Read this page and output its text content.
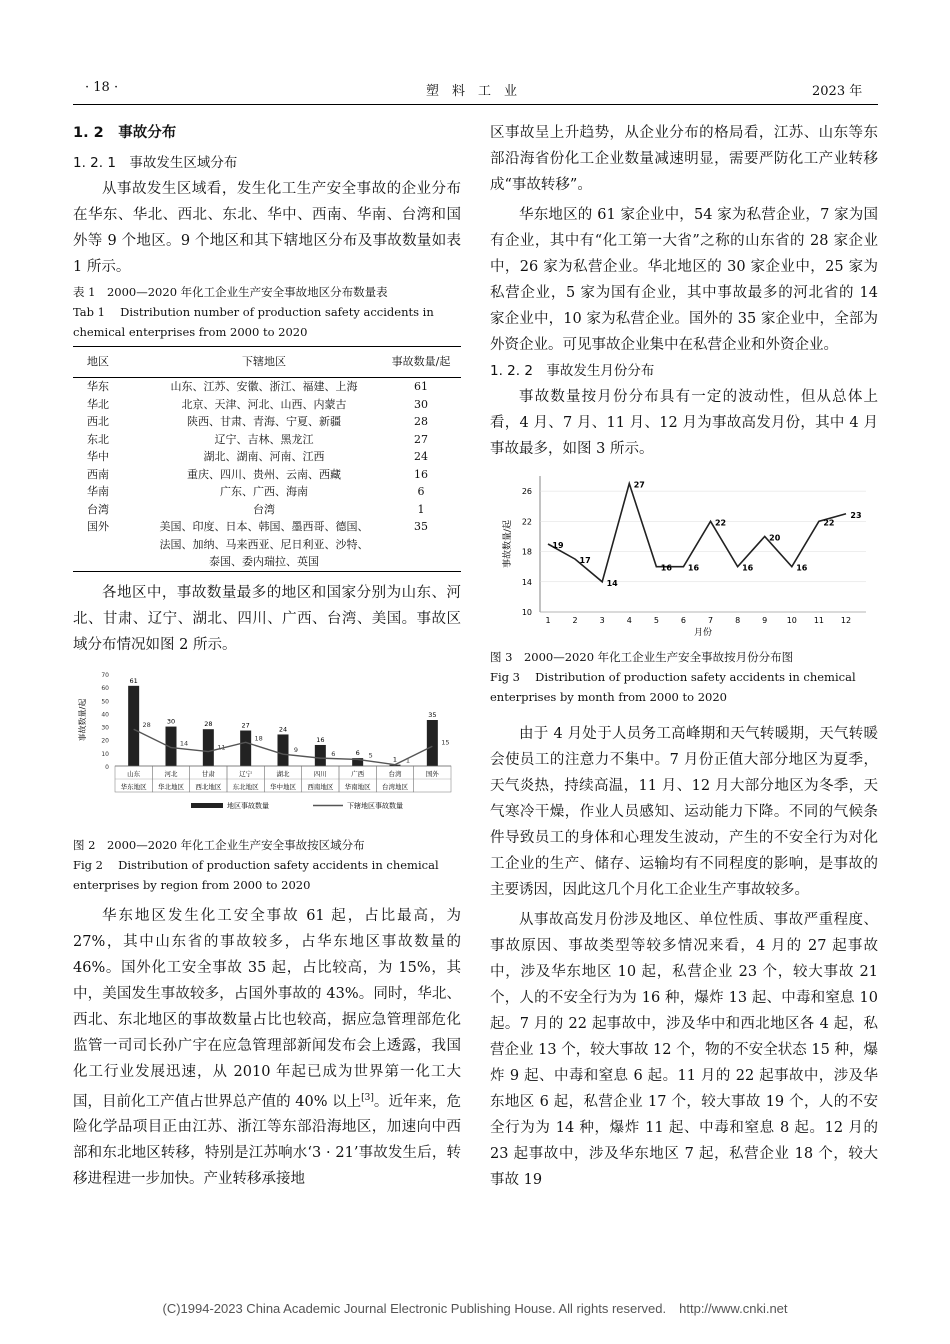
· 18 ·	塑　料　工　业	2023 年

1. 2　事故分布

1. 2. 1　事故发生区域分布

从事故发生区域看，发生化工生产安全事故的企业分布在华东、华北、西北、东北、华中、西南、华南、台湾和国外等 9 个地区。9 个地区和其下辖地区分布及事故数量如表 1 所示。

表 1　2000—2020 年化工企业生产安全事故地区分布数量表

Tab 1　 Distribution number of production safety accidents in

chemical enterprises from 2000 to 2020

地区	下辖地区	事故数量/起
华东	山东、江苏、安徽、浙江、福建、上海	61
华北	北京、天津、河北、山西、内蒙古	30
西北	陕西、甘肃、青海、宁夏、新疆	28
东北	辽宁、吉林、黑龙江	27
华中	湖北、湖南、河南、江西	24
西南	重庆、四川、贵州、云南、西藏	16
华南	广东、广西、海南	6
台湾	台湾	1
国外	美国、印度、日本、韩国、墨西哥、德国、
法国、加纳、马来西亚、尼日利亚、沙特、
泰国、委内瑞拉、英国	35

各地区中，事故数量最多的地区和国家分别为山东、河北、甘肃、辽宁、湖北、四川、广西、台湾、美国。事故区域分布情况如图 2 所示。

事故数量/起
0
10
20
30
40
50
60
70
61
28
山东
华东地区
30
14
河北
华北地区
28
11
甘肃
西北地区
27
18
辽宁
东北地区
24
9
湖北
华中地区
16
6
四川
西南地区
6 5
广西
华南地区
1 1
台湾
台湾地区
35
15
国外
地区事故数量	下辖地区事故数量

图 2　2000—2020 年化工企业生产安全事故按区域分布

Fig 2　 Distribution of production safety accidents in chemical

enterprises by region from 2000 to 2020

华东地区发生化工安全事故 61 起，占比最高，为 27%，其中山东省的事故较多，占华东地区事故数量的 46%。国外化工安全事故 35 起，占比较高，为 15%，其中，美国发生事故较多，占国外事故的 43%。同时，华北、西北、东北地区的事故数量占比也较高，据应急管理部危化监管一司司长孙广宇在应急管理部新闻发布会上透露，我国化工行业发展迅速，从 2010 年起已成为世界第一化工大国，目前化工产值占世界总产值的 40% 以上[3]。近年来，危险化学品项目正由江苏、浙江等东部沿海地区，加速向中西部和东北地区转移，特别是江苏响水‘3 · 21’事故发生后，转移进程进一步加快。产业转移承接地

区事故呈上升趋势，从企业分布的格局看，江苏、山东等东部沿海省份化工企业数量减速明显，需要严防化工产业转移成“事故转移”。

华东地区的 61 家企业中，54 家为私营企业，7 家为国有企业，其中有“化工第一大省”之称的山东省的 28 家企业中，26 家为私营企业。华北地区的 30 家企业中，25 家为私营企业，5 家为国有企业，其中事故最多的河北省的 14 家企业中，10 家为私营企业。国外的 35 家企业中，全部为外资企业。可见事故企业集中在私营企业和外资企业。

1. 2. 2　事故发生月份分布

事故数量按月份分布具有一定的波动性，但从总体上看，4 月、7 月、11 月、12 月为事故高发月份，其中 4 月事故最多，如图 3 所示。

10
14
18
22
26
事故数量/起
1	2	3	4	5	6	7	8	9 10 11 12
月份
19
17
14
27
16 16
22
16
20
16
22
23

图 3　2000—2020 年化工企业生产安全事故按月份分布图

Fig 3　 Distribution of production safety accidents in chemical

enterprises by month from 2000 to 2020

由于 4 月处于人员务工高峰期和天气转暖期，天气转暖会使员工的注意力不集中。7 月份正值大部分地区为夏季，天气炎热，持续高温，11 月、12 月大部分地区为冬季，天气寒冷干燥，作业人员感知、运动能力下降。不同的气候条件导致员工的身体和心理发生波动，产生的不安全行为对化工企业的生产、储存、运输均有不同程度的影响，是事故的主要诱因，因此这几个月化工企业生产事故较多。

从事故高发月份涉及地区、单位性质、事故严重程度、事故原因、事故类型等较多情况来看，4 月的 27 起事故中，涉及华东地区 10 起，私营企业 23 个，较大事故 21 个，人的不安全行为为 16 种，爆炸 13 起、中毒和窒息 10 起。7 月的 22 起事故中，涉及华中和西北地区各 4 起，私营企业 13 个，较大事故 12 个，物的不安全状态 15 种，爆炸 9 起、中毒和窒息 6 起。11 月的 22 起事故中，涉及华东地区 6 起，私营企业 17 个，较大事故 19 个，人的不安全行为为 14 种，爆炸 11 起、中毒和窒息 8 起。12 月的 23 起事故中，涉及华东地区 7 起，私营企业 18 个，较大事故 19

(C)1994-2023 China Academic Journal Electronic Publishing House. All rights reserved.　http://www.cnki.net
